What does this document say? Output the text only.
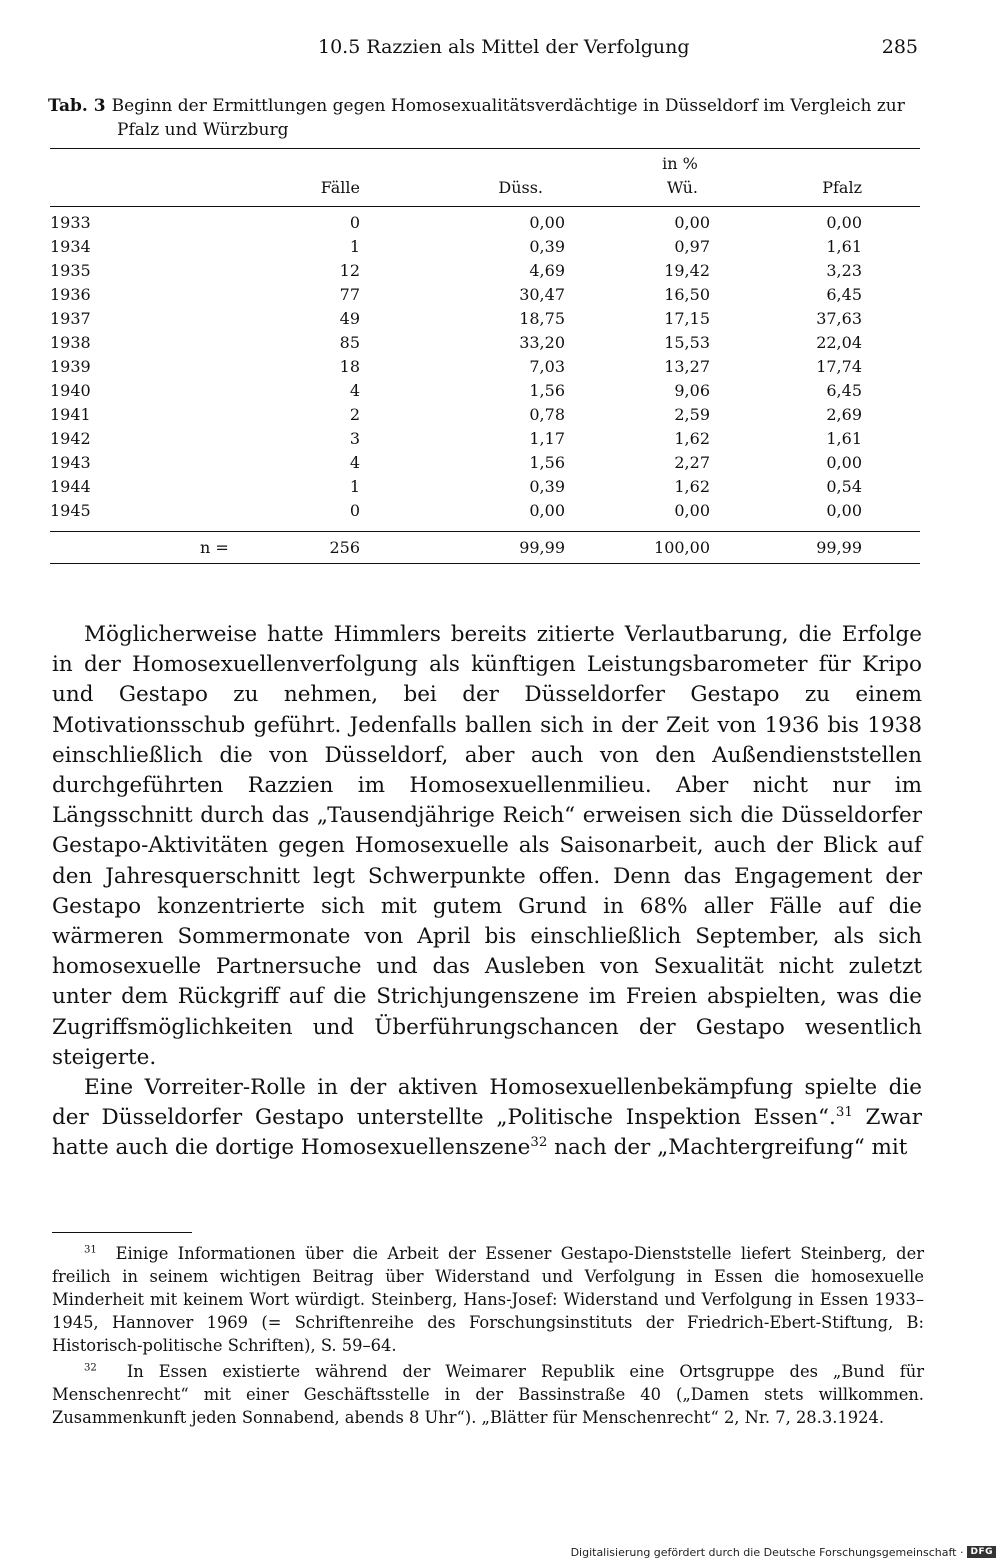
10.5 Razzien als Mittel der Verfolgung	285
Tab. 3 Beginn der Ermittlungen gegen Homosexualitätsverdächtige in Düsseldorf im Vergleich zur
Pfalz und Würzburg
in %
Fälle	Düss.	Wü.	Pfalz
1933	0	0,00	0,00	0,00
1934	1	0,39	0,97	1,61
1935	12	4,69	19,42	3,23
1936	77	30,47	16,50	6,45
1937	49	18,75	17,15	37,63
1938	85	33,20	15,53	22,04
1939	18	7,03	13,27	17,74
1940	4	1,56	9,06	6,45
1941	2	0,78	2,59	2,69
1942	3	1,17	1,62	1,61
1943	4	1,56	2,27	0,00
1944	1	0,39	1,62	0,54
1945	0	0,00	0,00	0,00
n =	256	99,99	100,00	99,99

Möglicherweise hatte Himmlers bereits zitierte Verlautbarung, die Erfolge in der Homosexuellenverfolgung als künftigen Leistungsbarometer für Kripo und Gestapo zu nehmen, bei der Düsseldorfer Gestapo zu einem Motivationsschub geführt. Jedenfalls ballen sich in der Zeit von 1936 bis 1938 einschließlich die von Düsseldorf, aber auch von den Außendienststellen durchgeführten Razzien im Homosexuellenmilieu. Aber nicht nur im Längsschnitt durch das „Tausendjährige Reich“ erweisen sich die Düsseldorfer Gestapo-Aktivitäten gegen Homosexuelle als Saisonarbeit, auch der Blick auf den Jahresquerschnitt legt Schwerpunkte offen. Denn das Engagement der Gestapo konzentrierte sich mit gutem Grund in 68% aller Fälle auf die wärmeren Sommermonate von April bis einschließlich September, als sich homosexuelle Partnersuche und das Ausleben von Sexualität nicht zuletzt unter dem Rückgriff auf die Strichjungenszene im Freien abspielten, was die Zugriffsmöglichkeiten und Überführungschancen der Gestapo wesentlich steigerte.

Eine Vorreiter-Rolle in der aktiven Homosexuellenbekämpfung spielte die der Düsseldorfer Gestapo unterstellte „Politische Inspektion Essen“.$^{31}$ Zwar hatte auch die dortige Homosexuellenszene$^{32}$ nach der „Machtergreifung“ mit

$^{31}$ Einige Informationen über die Arbeit der Essener Gestapo-Dienststelle liefert Steinberg, der freilich in seinem wichtigen Beitrag über Widerstand und Verfolgung in Essen die homosexuelle Minderheit mit keinem Wort würdigt. Steinberg, Hans-Josef: Widerstand und Verfolgung in Essen 1933–1945, Hannover 1969 (= Schriftenreihe des Forschungsinstituts der Friedrich-Ebert-Stiftung, B: Historisch-politische Schriften), S. 59–64.

$^{32}$ In Essen existierte während der Weimarer Republik eine Ortsgruppe des „Bund für Menschenrecht“ mit einer Geschäftsstelle in der Bassinstraße 40 („Damen stets willkommen. Zusammenkunft jeden Sonnabend, abends 8 Uhr“). „Blätter für Menschenrecht“ 2, Nr. 7, 28.3.1924.

Digitalisierung gefördert durch die Deutsche Forschungsgemeinschaft · DFG
